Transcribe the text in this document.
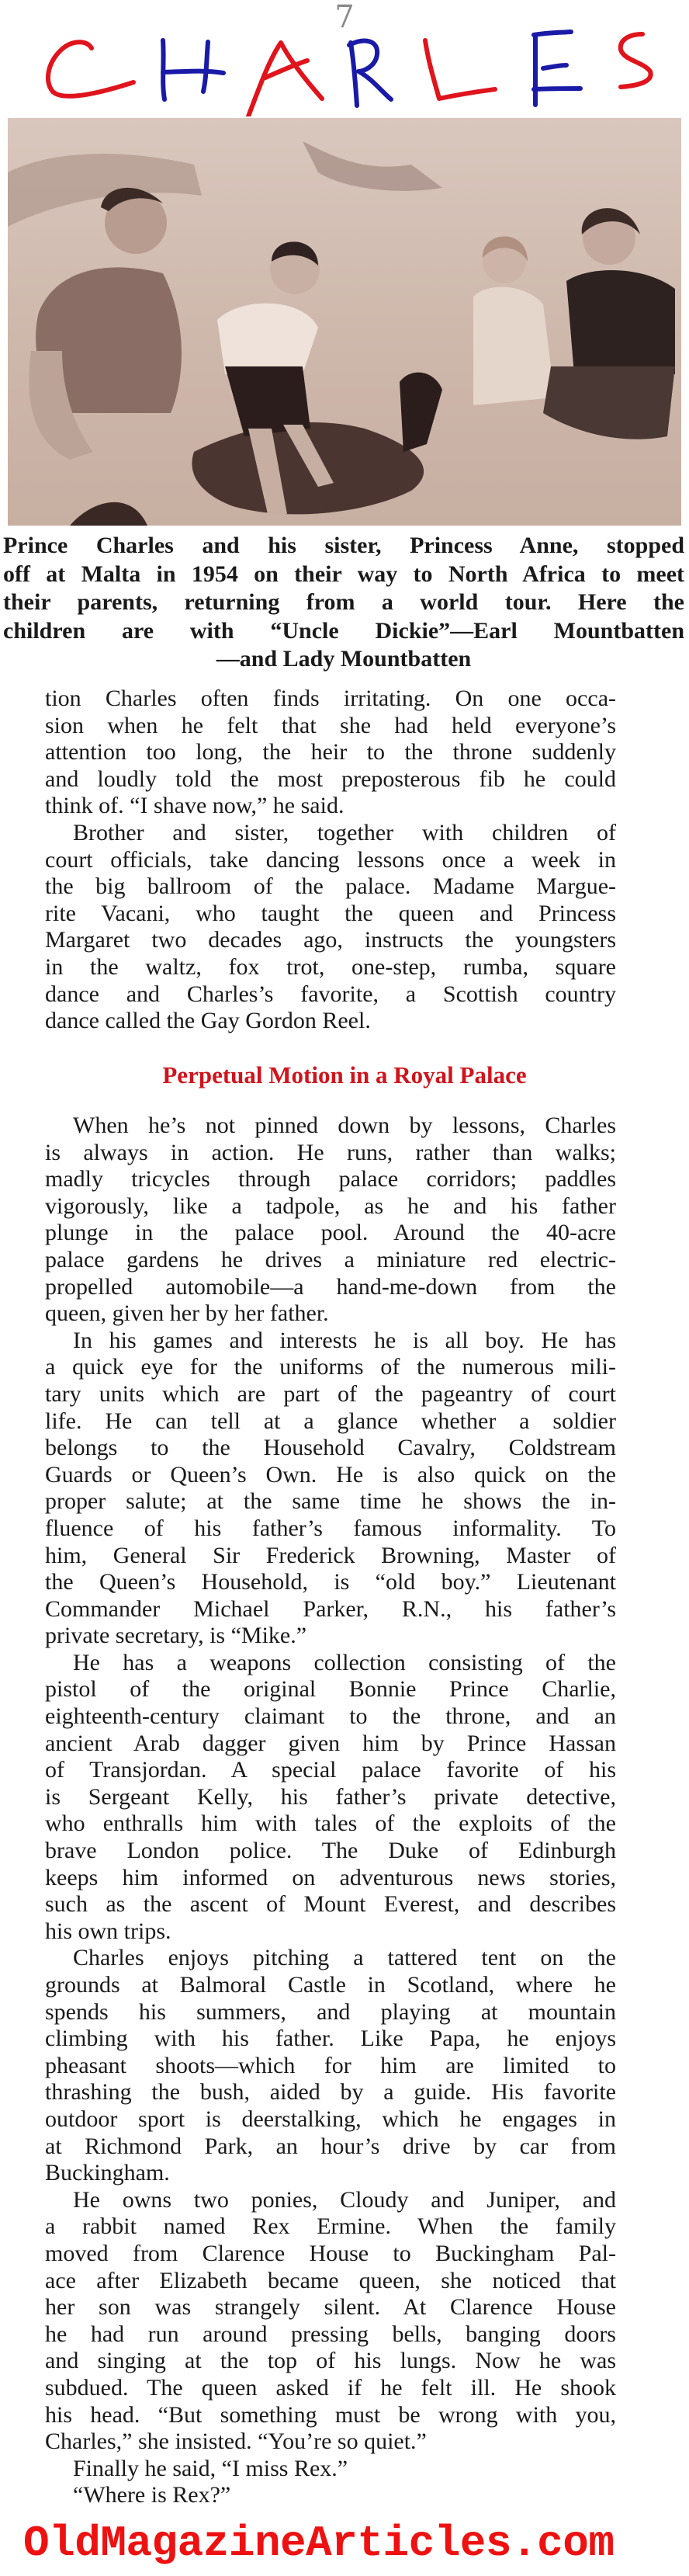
7
Prince Charles and his sister, Princess Anne, stopped
off at Malta in 1954 on their way to North Africa to meet
their parents, returning from a world tour. Here the
children are with “Uncle Dickie”—Earl Mountbatten
—and Lady Mountbatten
tion Charles often finds irritating. On one occa-
sion when he felt that she had held everyone’s
attention too long, the heir to the throne suddenly
and loudly told the most preposterous fib he could
think of. “I shave now,” he said.
Brother and sister, together with children of
court officials, take dancing lessons once a week in
the big ballroom of the palace. Madame Margue-
rite Vacani, who taught the queen and Princess
Margaret two decades ago, instructs the youngsters
in the waltz, fox trot, one-step, rumba, square
dance and Charles’s favorite, a Scottish country
dance called the Gay Gordon Reel.
Perpetual Motion in a Royal Palace
When he’s not pinned down by lessons, Charles
is always in action. He runs, rather than walks;
madly tricycles through palace corridors; paddles
vigorously, like a tadpole, as he and his father
plunge in the palace pool. Around the 40-acre
palace gardens he drives a miniature red electric-
propelled automobile—a hand-me-down from the
queen, given her by her father.
In his games and interests he is all boy. He has
a quick eye for the uniforms of the numerous mili-
tary units which are part of the pageantry of court
life. He can tell at a glance whether a soldier
belongs to the Household Cavalry, Coldstream
Guards or Queen’s Own. He is also quick on the
proper salute; at the same time he shows the in-
fluence of his father’s famous informality. To
him, General Sir Frederick Browning, Master of
the Queen’s Household, is “old boy.” Lieutenant
Commander Michael Parker, R.N., his father’s
private secretary, is “Mike.”
He has a weapons collection consisting of the
pistol of the original Bonnie Prince Charlie,
eighteenth-century claimant to the throne, and an
ancient Arab dagger given him by Prince Hassan
of Transjordan. A special palace favorite of his
is Sergeant Kelly, his father’s private detective,
who enthralls him with tales of the exploits of the
brave London police. The Duke of Edinburgh
keeps him informed on adventurous news stories,
such as the ascent of Mount Everest, and describes
his own trips.
Charles enjoys pitching a tattered tent on the
grounds at Balmoral Castle in Scotland, where he
spends his summers, and playing at mountain
climbing with his father. Like Papa, he enjoys
pheasant shoots—which for him are limited to
thrashing the bush, aided by a guide. His favorite
outdoor sport is deerstalking, which he engages in
at Richmond Park, an hour’s drive by car from
Buckingham.
He owns two ponies, Cloudy and Juniper, and
a rabbit named Rex Ermine. When the family
moved from Clarence House to Buckingham Pal-
ace after Elizabeth became queen, she noticed that
her son was strangely silent. At Clarence House
he had run around pressing bells, banging doors
and singing at the top of his lungs. Now he was
subdued. The queen asked if he felt ill. He shook
his head. “But something must be wrong with you,
Charles,” she insisted. “You’re so quiet.”
Finally he said, “I miss Rex.”
“Where is Rex?”
OldMagazineArticles.com
